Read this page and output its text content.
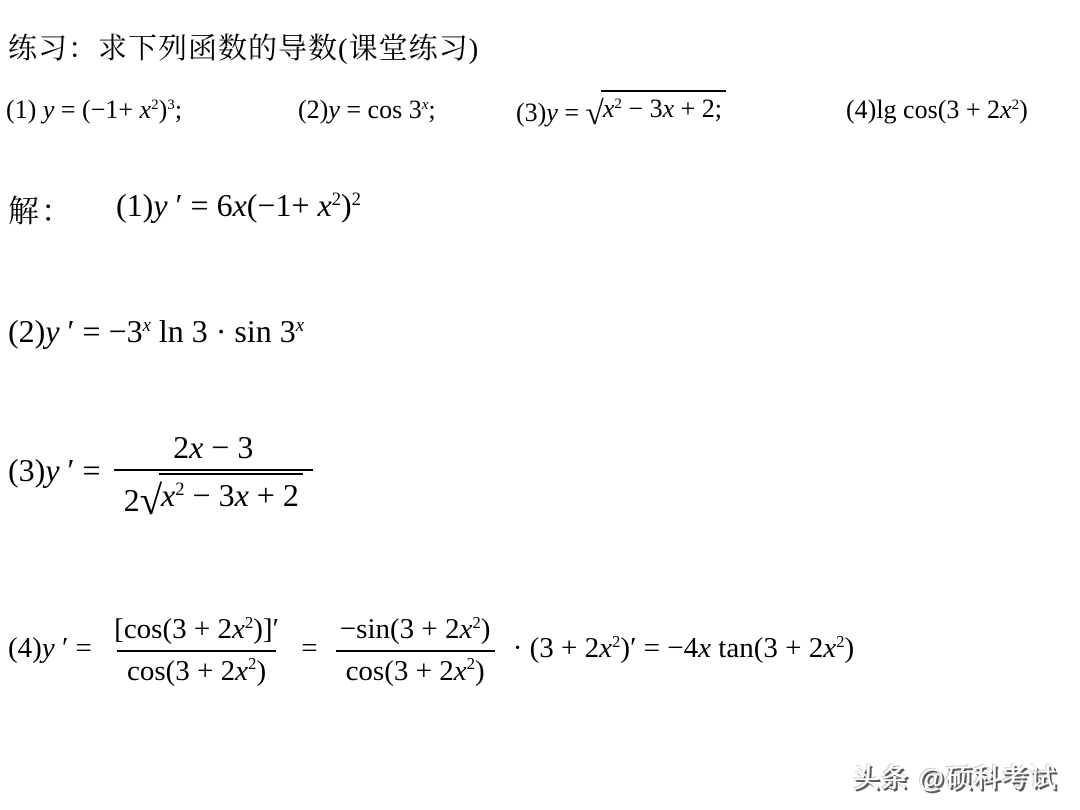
练习：求下列函数的导数(课堂练习)
(1) $y = (-1+ x^2)^3$;	(2)y = cos 3$^x$;	(3)y = √ $x^2 - 3x + 2$;	(4)lg $\cos(3 + 2x^2)$
解： (1)y ′ = $6x(-1+ x^2)^2$
(2)y ′ = $-3^x$ ln 3 · sin 3$^x$
(3)y ′ = $\frac{2x - 3}{2 √ x^2 - 3x + 2}$
(4)y ′ = $\frac{[\cos(3 + 2x^2)]'}{\cos(3 + 2x^2)} = \frac{-\sin(3 + 2x^2)}{\cos(3 + 2x^2)} \cdot (3 + 2x^2)' = -4x$ $\tan(3 + 2x^2)$
头条 @硕科考试
